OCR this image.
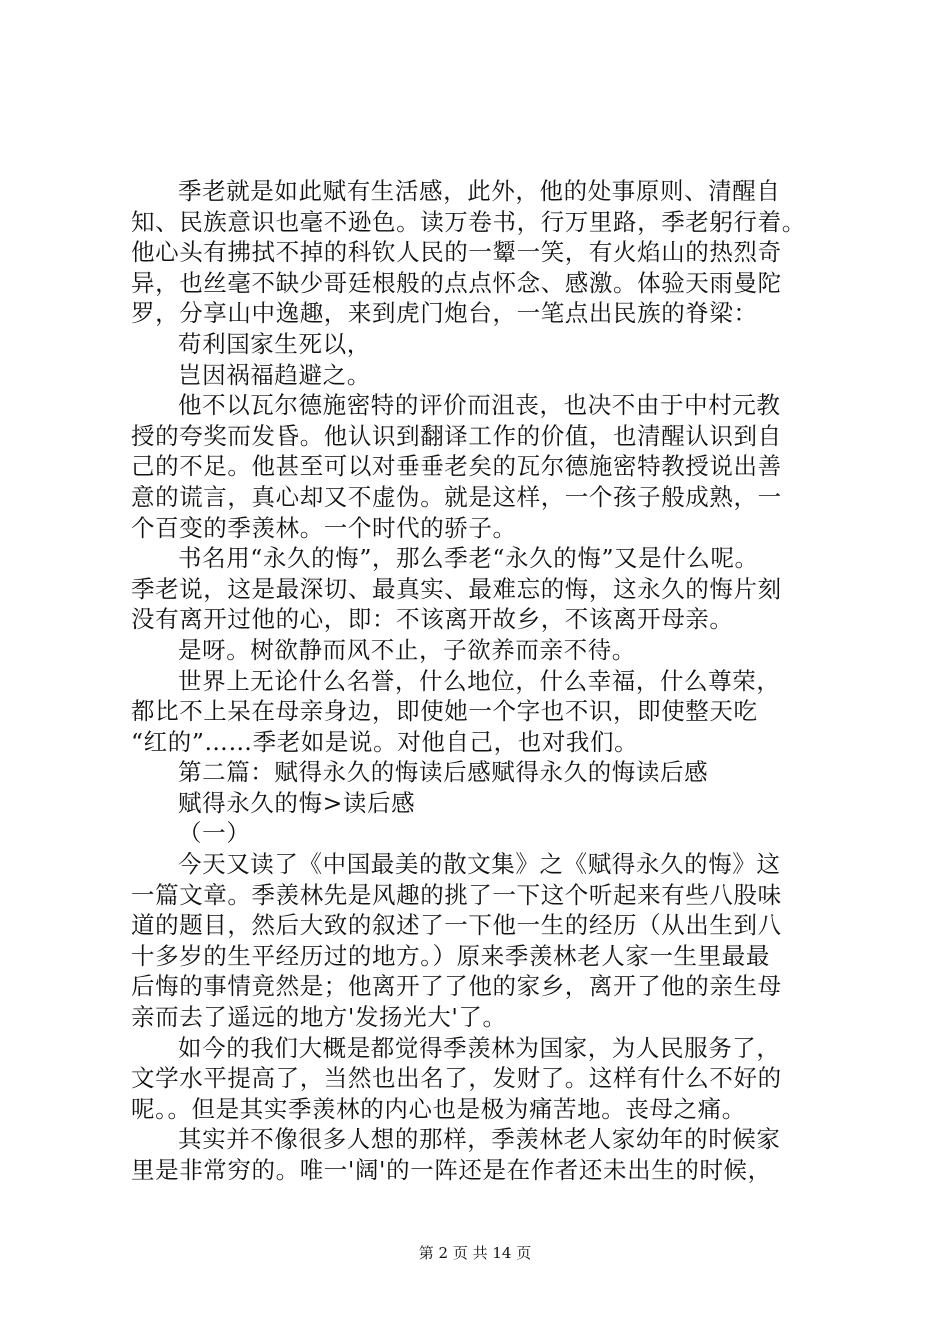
季老就是如此赋有生活感，此外，他的处事原则、清醒自
知、民族意识也毫不逊色。读万卷书，行万里路，季老躬行着。
他心头有拂拭不掉的科钦人民的一颦一笑，有火焰山的热烈奇
异，也丝毫不缺少哥廷根般的点点怀念、感激。体验天雨曼陀
罗，分享山中逸趣，来到虎门炮台，一笔点出民族的脊梁：
苟利国家生死以，
岂因祸福趋避之。
他不以瓦尔德施密特的评价而沮丧，也决不由于中村元教
授的夸奖而发昏。他认识到翻译工作的价值，也清醒认识到自
己的不足。他甚至可以对垂垂老矣的瓦尔德施密特教授说出善
意的谎言，真心却又不虚伪。就是这样，一个孩子般成熟，一
个百变的季羡林。一个时代的骄子。
书名用“永久的悔”，那么季老“永久的悔”又是什么呢。
季老说，这是最深切、最真实、最难忘的悔，这永久的悔片刻
没有离开过他的心，即：不该离开故乡，不该离开母亲。
是呀。树欲静而风不止，子欲养而亲不待。
世界上无论什么名誉，什么地位，什么幸福，什么尊荣，
都比不上呆在母亲身边，即使她一个字也不识，即使整天吃
“红的”……季老如是说。对他自己，也对我们。
第二篇：赋得永久的悔读后感赋得永久的悔读后感
赋得永久的悔>读后感
（一）
今天又读了《中国最美的散文集》之《赋得永久的悔》这
一篇文章。季羡林先是风趣的挑了一下这个听起来有些八股味
道的题目，然后大致的叙述了一下他一生的经历（从出生到八
十多岁的生平经历过的地方。）原来季羡林老人家一生里最最
后悔的事情竟然是；他离开了了他的家乡，离开了他的亲生母
亲而去了遥远的地方'发扬光大'了。
如今的我们大概是都觉得季羡林为国家，为人民服务了，
文学水平提高了，当然也出名了，发财了。这样有什么不好的
呢。。但是其实季羡林的内心也是极为痛苦地。丧母之痛。
其实并不像很多人想的那样，季羡林老人家幼年的时候家
里是非常穷的。唯一'阔'的一阵还是在作者还未出生的时候，
第 2 页 共 14 页
